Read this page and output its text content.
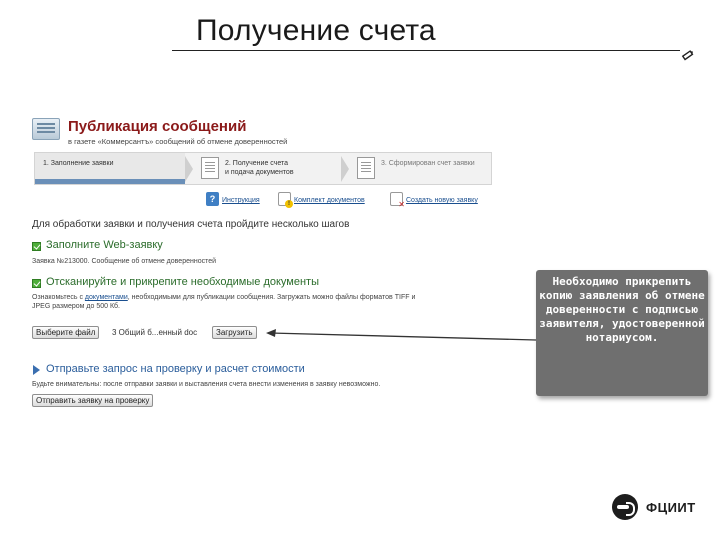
Получение счета
Публикация сообщений
в газете «Коммерсантъ» сообщений об отмене доверенностей
1. Заполнение заявки	2. Получение счета
и подача документов
3. Сформирован счет заявки
? Инструкция !	Комплект документов ✕	Создать новую заявку
Для обработки заявки и получения счета пройдите несколько шагов
Заполните Web-заявку
Заявка №213000. Сообщение об отмене доверенностей
Отсканируйте и прикрепите необходимые документы
Ознакомьтесь с документами, необходимыми для публикации сообщения. Загружать можно файлы форматов TIFF и
JPEG размером до 500 Кб.
Выберите файл	3 Общий б...енный doc	Загрузить
Отправьте запрос на проверку и расчет стоимости
Будьте внимательны: после отправки заявки и выставления счета внести изменения в заявку невозможно.
Отправить заявку на проверку
Необходимо прикрепить копию заявления об отмене доверенности с подписью заявителя, удостоверенной нотариусом.
ФЦИИТ
